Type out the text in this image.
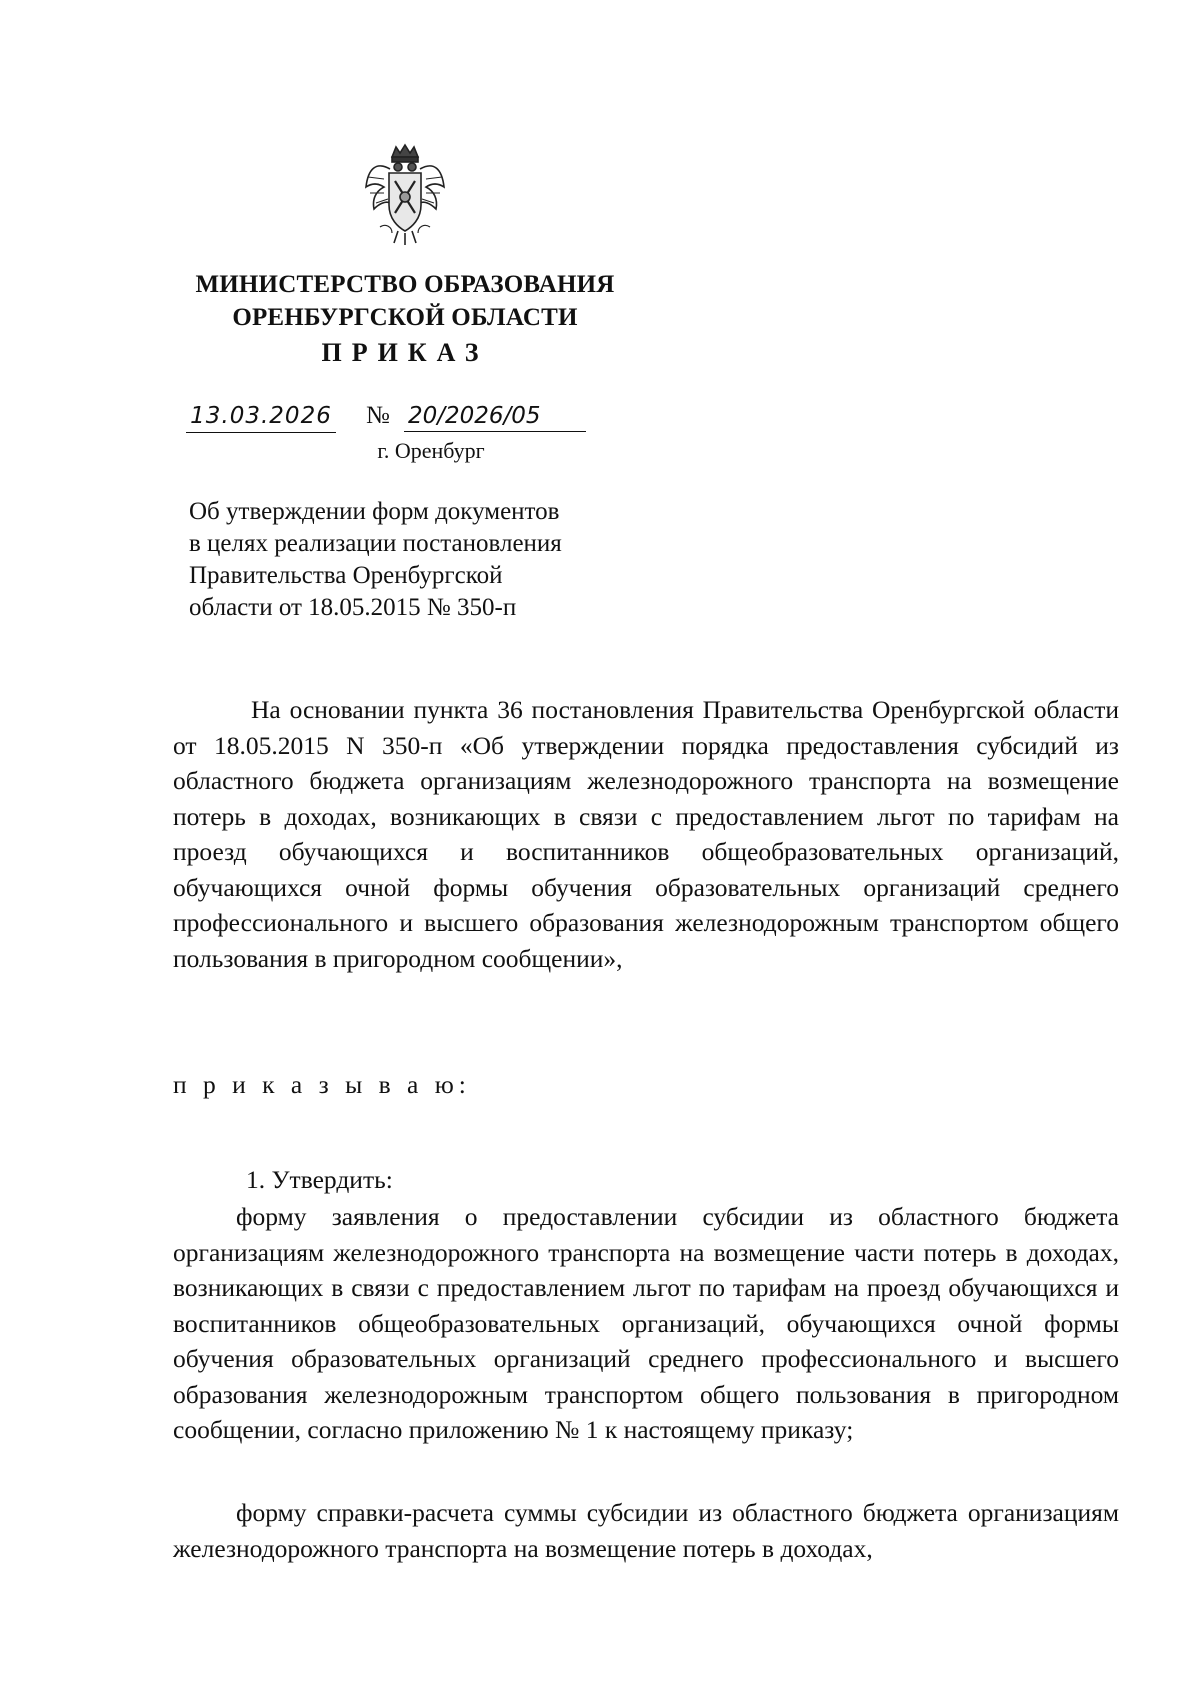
МИНИСТЕРСТВО ОБРАЗОВАНИЯ
ОРЕНБУРГСКОЙ ОБЛАСТИ
ПРИКАЗ
13.03.2026 № 20/2026/05
г. Оренбург
Об утверждении форм документов
в целях реализации постановления
Правительства Оренбургской
области от 18.05.2015 № 350-п
На основании пункта 36 постановления Правительства Оренбургской области от 18.05.2015 N 350-п «Об утверждении порядка предоставления субсидий из областного бюджета организациям железнодорожного транспорта на возмещение потерь в доходах, возникающих в связи с предоставлением льгот по тарифам на проезд обучающихся и воспитанников общеобразовательных организаций, обучающихся очной формы обучения образовательных организаций среднего профессионального и высшего образования железнодорожным транспортом общего пользования в пригородном сообщении»,
п р и к а з ы в а ю:
1. Утвердить:
форму заявления о предоставлении субсидии из областного бюджета организациям железнодорожного транспорта на возмещение части потерь в доходах, возникающих в связи с предоставлением льгот по тарифам на проезд обучающихся и воспитанников общеобразовательных организаций, обучающихся очной формы обучения образовательных организаций среднего профессионального и высшего образования железнодорожным транспортом общего пользования в пригородном сообщении, согласно приложению № 1 к настоящему приказу;
форму справки-расчета суммы субсидии из областного бюджета организациям железнодорожного транспорта на возмещение потерь в доходах,
